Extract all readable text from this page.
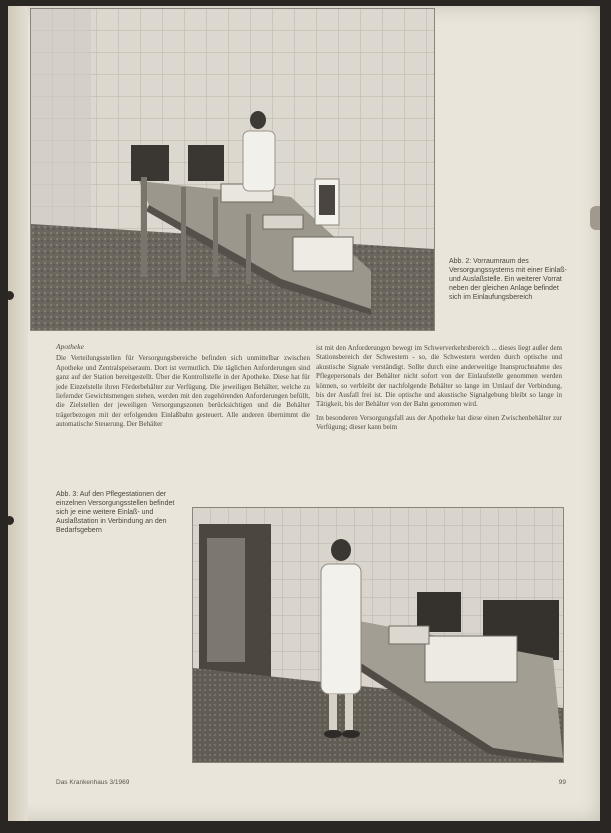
Abb. 2: Vorraumraum des Versorgungssystems mit einer Einlaß- und Auslaßstelle. Ein weiterer Vorrat neben der gleichen Anlage befindet sich im Einlaufungsbereich
Apotheke

Die Verteilungsstellen für Versorgungsbereiche befinden sich unmittelbar zwischen Apotheke und Zentralspeiseraum. Dort ist vermutlich. Die täglichen Anforderungen sind ganz auf der Station bereitgestellt. Über die Kontrollstelle in der Apotheke. Diese hat für jede Einzelstelle ihren Förderbehälter zur Verfügung. Die jeweiligen Behälter, welche zu liefernder Gewichtsmengen stehen, werden mit den zugehörenden Anforderungen befüllt, die Zielstellen der jeweiligen Versorgungszonen berücksichtigen und die Behälter trägerbezogen mit der erfolgenden Einlaßbahn gesteuert. Alle anderen übernimmt die automatische Steuerung. Der Behälter

ist mit den Anforderungen bewegt im Schwerverkehrsbereich ... dieses liegt außer dem Stationsbereich der Schwestern - so, die Schwestern werden durch optische und akustische Signale verständigt. Sollte durch eine anderweitige Inanspruchnahme des Pflegepersonals der Behälter nicht sofort von der Einlaufstelle genommen werden können, so verbleibt der nachfolgende Behälter so lange im Umlauf der Verbindung, bis der Ausfall frei ist. Die optische und akustische Signalgebung bleibt so lange in Tätigkeit, bis der Behälter von der Bahn genommen wird.

Im besonderen Versorgungsfall aus der Apotheke hat diese einen Zwischenbehälter zur Verfügung; dieser kann beim

Abb. 3: Auf den Pflegestationen der einzelnen Versorgungsstellen befindet sich je eine weitere Einlaß- und Auslaßstation in Verbindung an den Bedarfsgebern
Das Krankenhaus 3/1969	99
